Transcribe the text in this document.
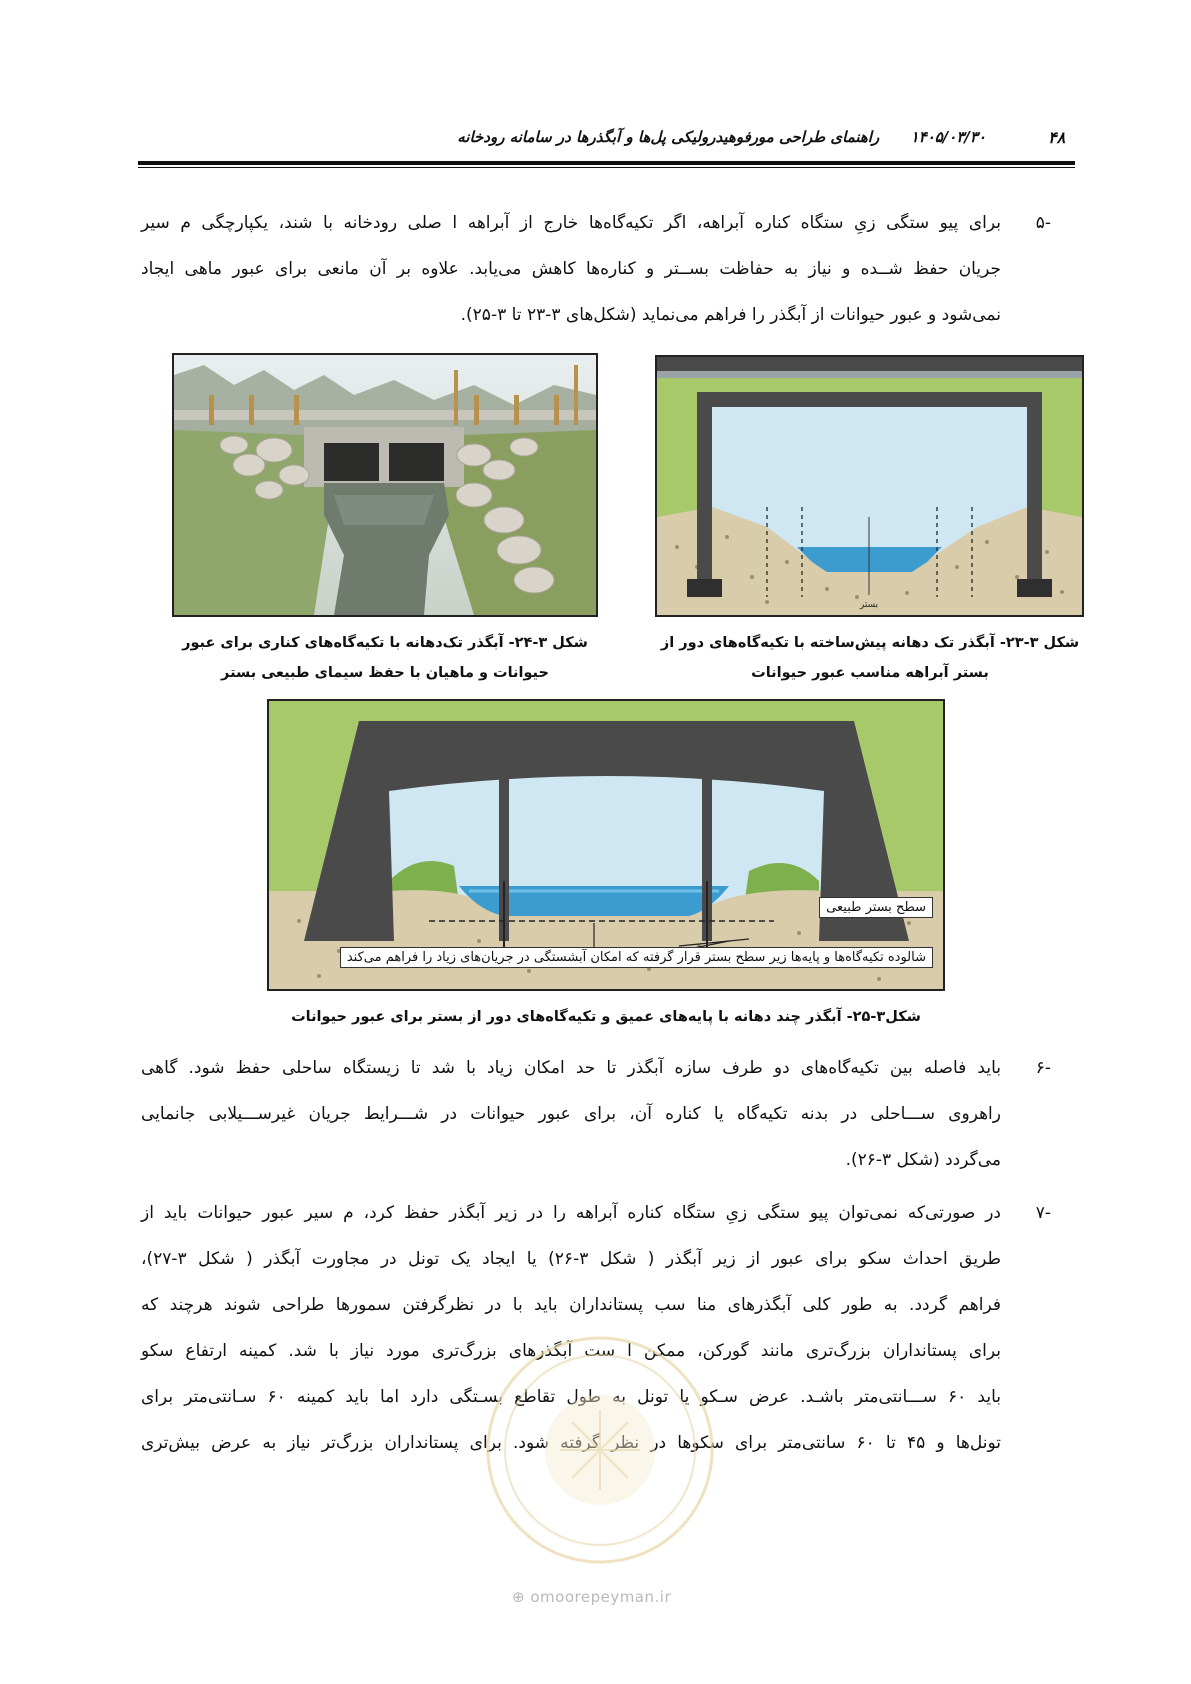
۱۴۰۵/۰۳/۳۰      راهنمای طراحی مورفوهیدرولیکی پل‌ها و آبگذرها در سامانه رودخانه	۴۸
-۵
برای پیو ستگی زیِ ستگاه کناره آبراهه، اگر تکیه‌گاه‌ها خارج از آبراهه ا صلی رودخانه با شند، یکپارچگی م سیر
جریان حفظ شــده و نیاز به حفاظت بســتر و کناره‌ها کاهش می‌یابد. علاوه بر آن مانعی برای عبور ماهی ایجاد
نمی‌شود و عبور حیوانات از آبگذر را فراهم می‌نماید (شکل‌های ۳-۲۳ تا ۳-۲۵).
بستر
شکل ۳-۲۳- آبگذر تک دهانه پیش‌ساخته با تکیه‌گاه‌های دور از
بستر آبراهه مناسب عبور حیوانات
شکل ۳-۲۴- آبگذر تک‌دهانه با تکیه‌گاه‌های کناری برای عبور
حیوانات و ماهیان با حفظ سیمای طبیعی بستر
سطح بستر طبیعی
شالوده تکیه‌گاه‌ها و پایه‌ها زیر سطح بستر قرار گرفته که امکان آبشستگی در جریان‌های زیاد را فراهم می‌کند
شکل۳-۲۵- آبگذر چند دهانه با پایه‌های عمیق و تکیه‌گاه‌های دور از بستر برای عبور حیوانات
-۶
باید فاصله بین تکیه‌گاه‌های دو طرف سازه آبگذر تا حد امکان زیاد با شد تا زیستگاه ساحلی حفظ شود. گاهی
راهروی ســـاحلی در بدنه تکیه‌گاه یا کناره آن، برای عبور حیوانات در شـــرایط جریان غیرســـیلابی جانمایی
می‌گردد (شکل ۳-۲۶).
-۷
در صورتی‌که نمی‌توان پیو ستگی زیِ ستگاه کناره آبراهه را در زیر آبگذر حفظ کرد، م سیر عبور حیوانات باید از
طریق احداث سکو برای عبور از زیر آبگذر ( شکل ۳-۲۶) یا ایجاد یک تونل در مجاورت آبگذر ( شکل ۳-۲۷)،
فراهم گردد. به طور کلی آبگذرهای منا سب پستانداران باید با در نظرگرفتن سمورها طراحی شوند هرچند که
برای پستانداران بزرگ‌تری مانند گورکن، ممکن ا ست آبگذرهای بزرگ‌تری مورد نیاز با شد. کمینه ارتفاع سکو
باید ۶۰ ســـانتی‌متر باشـد. عرض سـکو یا تونل به طول تقاطع بسـتگی دارد اما باید کمینه ۶۰ سـانتی‌متر برای
تونل‌ها و ۴۵ تا ۶۰ سانتی‌متر برای سکوها در نظر گرفته شود. برای پستانداران بزرگ‌تر نیاز به عرض بیش‌تری
⊕ omoorepeyman.ir
